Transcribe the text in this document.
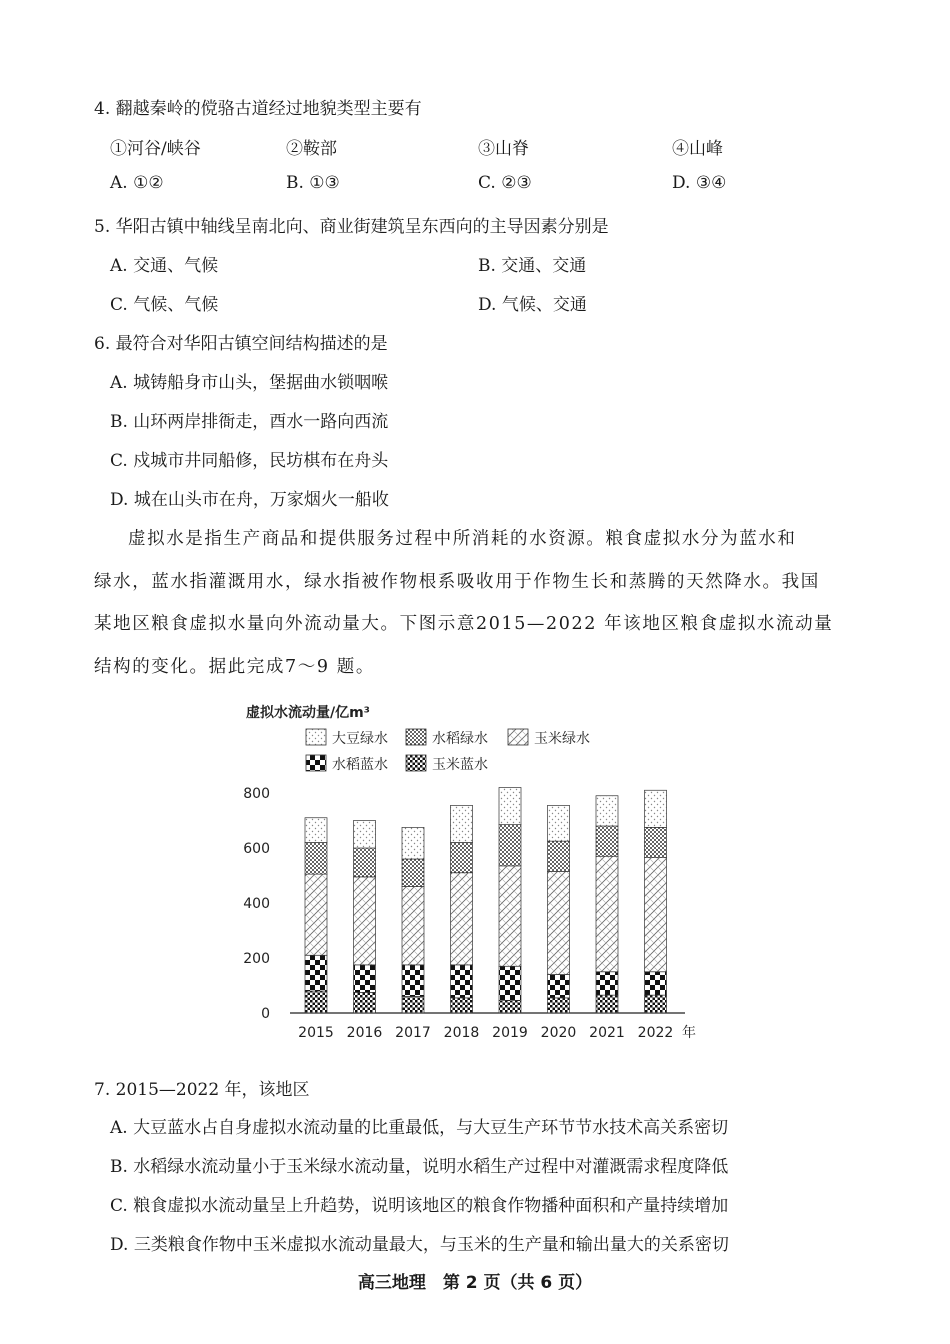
4. 翻越秦岭的傥骆古道经过地貌类型主要有
①河谷/峡谷	②鞍部	③山脊	④山峰
A. ①②	B. ①③	C. ②③	D. ③④
5. 华阳古镇中轴线呈南北向、商业街建筑呈东西向的主导因素分别是
A. 交通、气候	B. 交通、交通
C. 气候、气候	D. 气候、交通
6. 最符合对华阳古镇空间结构描述的是
A. 城铸船身市山头，堡据曲水锁咽喉
B. 山环两岸排衙走，酉水一路向西流
C. 戍城市井同船修，民坊棋布在舟头
D. 城在山头市在舟，万家烟火一船收
虚拟水是指生产商品和提供服务过程中所消耗的水资源。粮食虚拟水分为蓝水和
绿水，蓝水指灌溉用水，绿水指被作物根系吸收用于作物生长和蒸腾的天然降水。我国
某地区粮食虚拟水量向外流动量大。下图示意2015—2022 年该地区粮食虚拟水流动量
结构的变化。据此完成7～9 题。
虚拟水流动量/亿m³
大豆绿水	水稻绿水	玉米绿水
水稻蓝水	玉米蓝水
0
200
400
600
800
2015 2016 2017 2018 2019 2020 2021 2022 年
7. 2015—2022 年，该地区
A. 大豆蓝水占自身虚拟水流动量的比重最低，与大豆生产环节节水技术高关系密切
B. 水稻绿水流动量小于玉米绿水流动量，说明水稻生产过程中对灌溉需求程度降低
C. 粮食虚拟水流动量呈上升趋势，说明该地区的粮食作物播种面积和产量持续增加
D. 三类粮食作物中玉米虚拟水流动量最大，与玉米的生产量和输出量大的关系密切
高三地理　第 2 页（共 6 页）
